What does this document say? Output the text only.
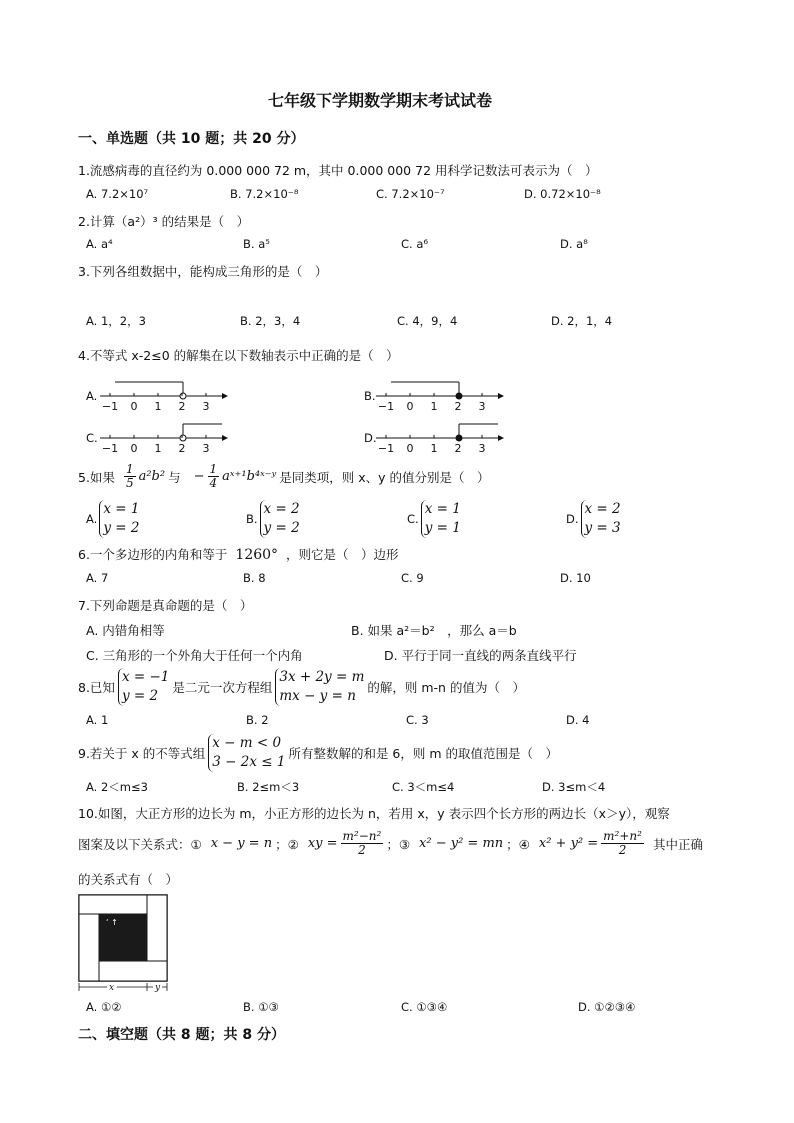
七年级下学期数学期末考试试卷
一、单选题（共 10 题；共 20 分）
1.流感病毒的直径约为 0.000 000 72 m，其中 0.000 000 72 用科学记数法可表示为（　）
A. 7.2×10⁷	B. 7.2×10⁻⁸	C. 7.2×10⁻⁷	D. 0.72×10⁻⁸
2.计算（a²）³ 的结果是（　）
A. a⁴	B. a⁵	C. a⁶	D. a⁸
3.下列各组数据中，能构成三角形的是（　）
A. 1，2，3	B. 2，3，4	C. 4，9，4	D. 2，1，4
4.不等式 x-2≤0 的解集在以下数轴表示中正确的是（　）
A.
−1 0 1 2 3
B.
−1 0 1 2 3
C.
−1 0 1 2 3
D.
−1 0 1 2 3
5.如果 $\frac{1}{5} a^2b^2$ 与 − $\frac{1}{4}$ aˣ⁺¹b⁴ˣ⁻ʸ 是同类项，则 x、y 的值分别是（　）
A.
x = 1
y = 2
B.
x = 2
y = 2
C.
x = 1
y = 1
D.
x = 2
y = 3
6.一个多边形的内角和等于 1260° ，则它是（　）边形
A. 7	B. 8	C. 9	D. 10
7.下列命题是真命题的是（　）
A. 内错角相等	B. 如果 a²＝b²　，那么 a＝b
C. 三角形的一个外角大于任何一个内角	D. 平行于同一直线的两条直线平行
8.已知
x = −1
y = 2
是二元一次方程组
3x + 2y = m
mx − y = n
的解，则 m-n 的值为（　）
A. 1	B. 2	C. 3	D. 4
9.若关于 x 的不等式组
x − m < 0
3 − 2x ≤ 1
所有整数解的和是 6，则 m 的取值范围是（　）
A. 2＜m≤3	B. 2≤m＜3	C. 3＜m≤4	D. 3≤m＜4
10.如图，大正方形的边长为 m，小正方形的边长为 n，若用 x，y 表示四个长方形的两边长（x＞y），观察
图案及以下关系式：① x − y = n ；② xy = $\frac{\text{m²−n²}}{2}$ ；③ x² − y² = mn ；④ $x^2 + y^2 = \frac{\text{m²+n²}}{2}$ 其中正确
的关系式有（　）
‘ ↑
x	y
A. ①②	B. ①③	C. ①③④	D. ①②③④
二、填空题（共 8 题；共 8 分）
